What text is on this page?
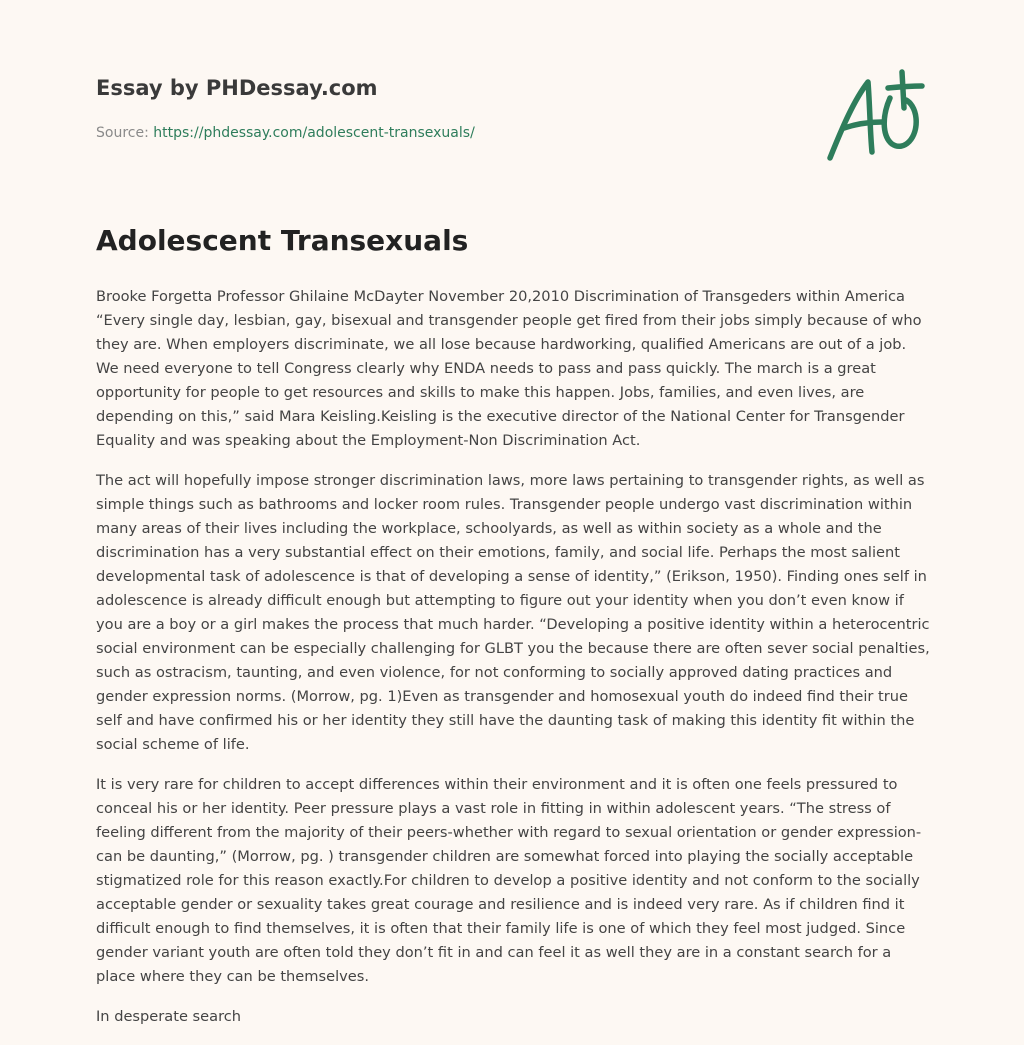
Essay by PHDessay.com
Source: https://phdessay.com/adolescent-transexuals/
Adolescent Transexuals

Brooke Forgetta Professor Ghilaine McDayter November 20,2010 Discrimination of Transgeders within America “Every single day, lesbian, gay, bisexual and transgender people get fired from their jobs simply because of who they are. When employers discriminate, we all lose because hardworking, qualified Americans are out of a job. We need everyone to tell Congress clearly why ENDA needs to pass and pass quickly. The march is a great opportunity for people to get resources and skills to make this happen. Jobs, families, and even lives, are depending on this,” said Mara Keisling.Keisling is the executive director of the National Center for Transgender Equality and was speaking about the Employment-Non Discrimination Act.

The act will hopefully impose stronger discrimination laws, more laws pertaining to transgender rights, as well as simple things such as bathrooms and locker room rules. Transgender people undergo vast discrimination within many areas of their lives including the workplace, schoolyards, as well as within society as a whole and the discrimination has a very substantial effect on their emotions, family, and social life. Perhaps the most salient developmental task of adolescence is that of developing a sense of identity,” (Erikson, 1950). Finding ones self in adolescence is already difficult enough but attempting to figure out your identity when you don’t even know if you are a boy or a girl makes the process that much harder. “Developing a positive identity within a heterocentric social environment can be especially challenging for GLBT you the because there are often sever social penalties, such as ostracism, taunting, and even violence, for not conforming to socially approved dating practices and gender expression norms. (Morrow, pg. 1)Even as transgender and homosexual youth do indeed find their true self and have confirmed his or her identity they still have the daunting task of making this identity fit within the social scheme of life.

It is very rare for children to accept differences within their environment and it is often one feels pressured to conceal his or her identity. Peer pressure plays a vast role in fitting in within adolescent years. “The stress of feeling different from the majority of their peers-whether with regard to sexual orientation or gender expression-can be daunting,” (Morrow, pg. ) transgender children are somewhat forced into playing the socially acceptable stigmatized role for this reason exactly.For children to develop a positive identity and not conform to the socially acceptable gender or sexuality takes great courage and resilience and is indeed very rare. As if children find it difficult enough to find themselves, it is often that their family life is one of which they feel most judged. Since gender variant youth are often told they don’t fit in and can feel it as well they are in a constant search for a place where they can be themselves.

In desperate search
